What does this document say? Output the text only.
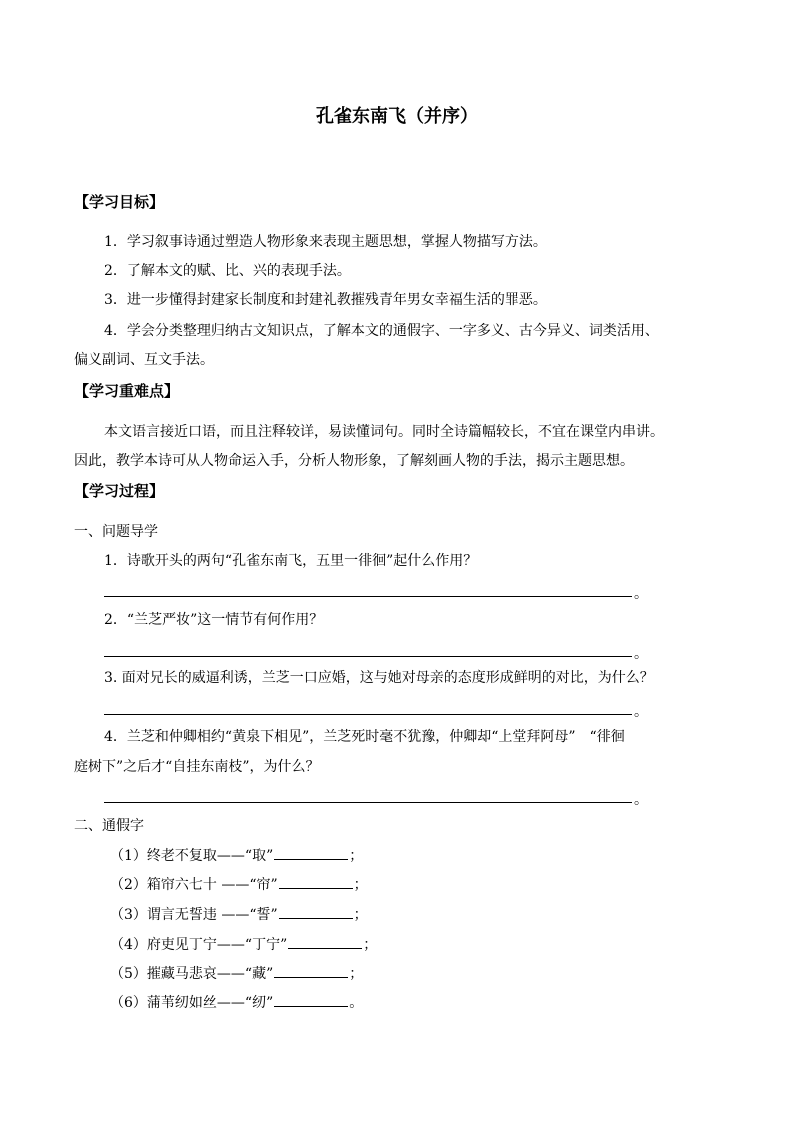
孔雀东南飞（并序）
【学习目标】
1．学习叙事诗通过塑造人物形象来表现主题思想，掌握人物描写方法。
2．了解本文的赋、比、兴的表现手法。
3．进一步懂得封建家长制度和封建礼教摧残青年男女幸福生活的罪恶。
4．学会分类整理归纳古文知识点，了解本文的通假字、一字多义、古今异义、词类活用、
偏义副词、互文手法。
【学习重难点】
本文语言接近口语，而且注释较详，易读懂词句。同时全诗篇幅较长，不宜在课堂内串讲。
因此，教学本诗可从人物命运入手，分析人物形象，了解刻画人物的手法，揭示主题思想。
【学习过程】
一、问题导学
1．诗歌开头的两句“孔雀东南飞，五里一徘徊”起什么作用？
。
2．“兰芝严妆”这一情节有何作用？
。
3. 面对兄长的威逼利诱，兰芝一口应婚，这与她对母亲的态度形成鲜明的对比，为什么？
。
4．兰芝和仲卿相约“黄泉下相见”，兰芝死时毫不犹豫，仲卿却“上堂拜阿母”　“徘徊
庭树下”之后才“自挂东南枝”，为什么？
。
二、通假字
（1）终老不复取——“取”	；
（2）箱帘六七十 ——“帘”	；
（3）谓言无誓违 ——“誓”	；
（4）府吏见丁宁——“丁宁”	；
（5）摧藏马悲哀——“藏”	；
（6）蒲苇纫如丝——“纫”	。
